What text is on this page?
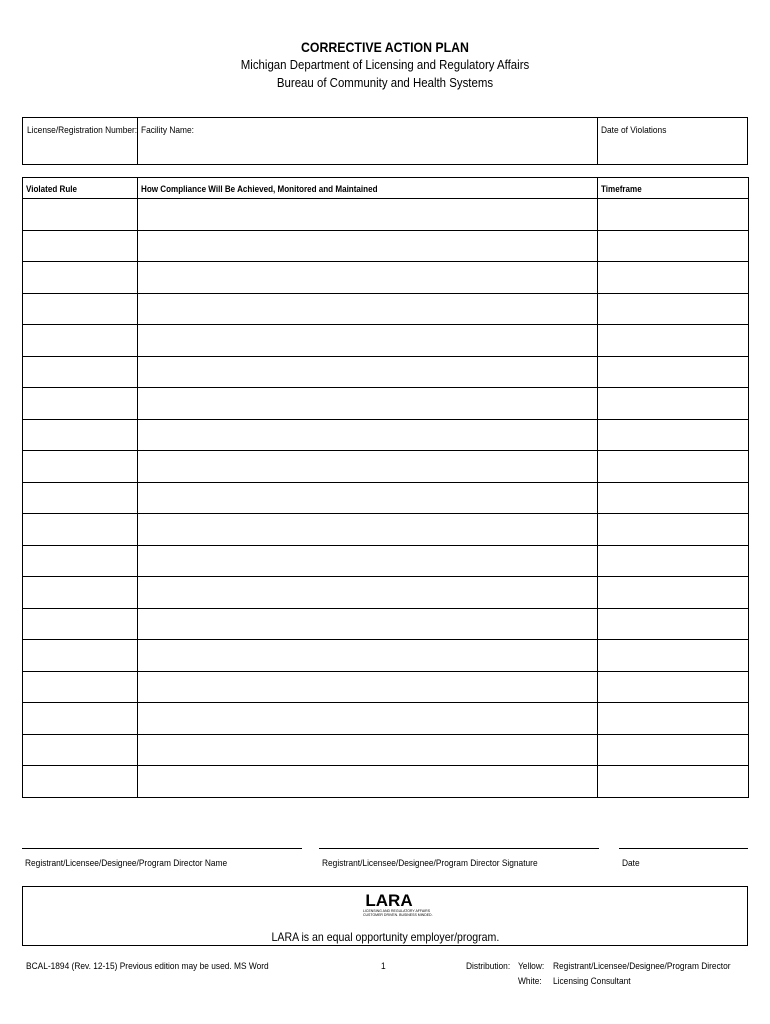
CORRECTIVE ACTION PLAN
Michigan Department of Licensing and Regulatory Affairs
Bureau of Community and Health Systems
License/Registration Number: Facility Name:	Date of Violations
Violated Rule	How Compliance Will Be Achieved, Monitored and Maintained	Timeframe

Registrant/Licensee/Designee/Program Director Name	Registrant/Licensee/Designee/Program Director Signature	Date
LARA
LICENSING AND REGULATORY AFFAIRS
CUSTOMER DRIVEN. BUSINESS MINDED.
LARA is an equal opportunity employer/program.
BCAL-1894 (Rev. 12-15) Previous edition may be used. MS Word	1	Distribution: Yellow: Registrant/Licensee/Designee/Program Director
White: Licensing Consultant
